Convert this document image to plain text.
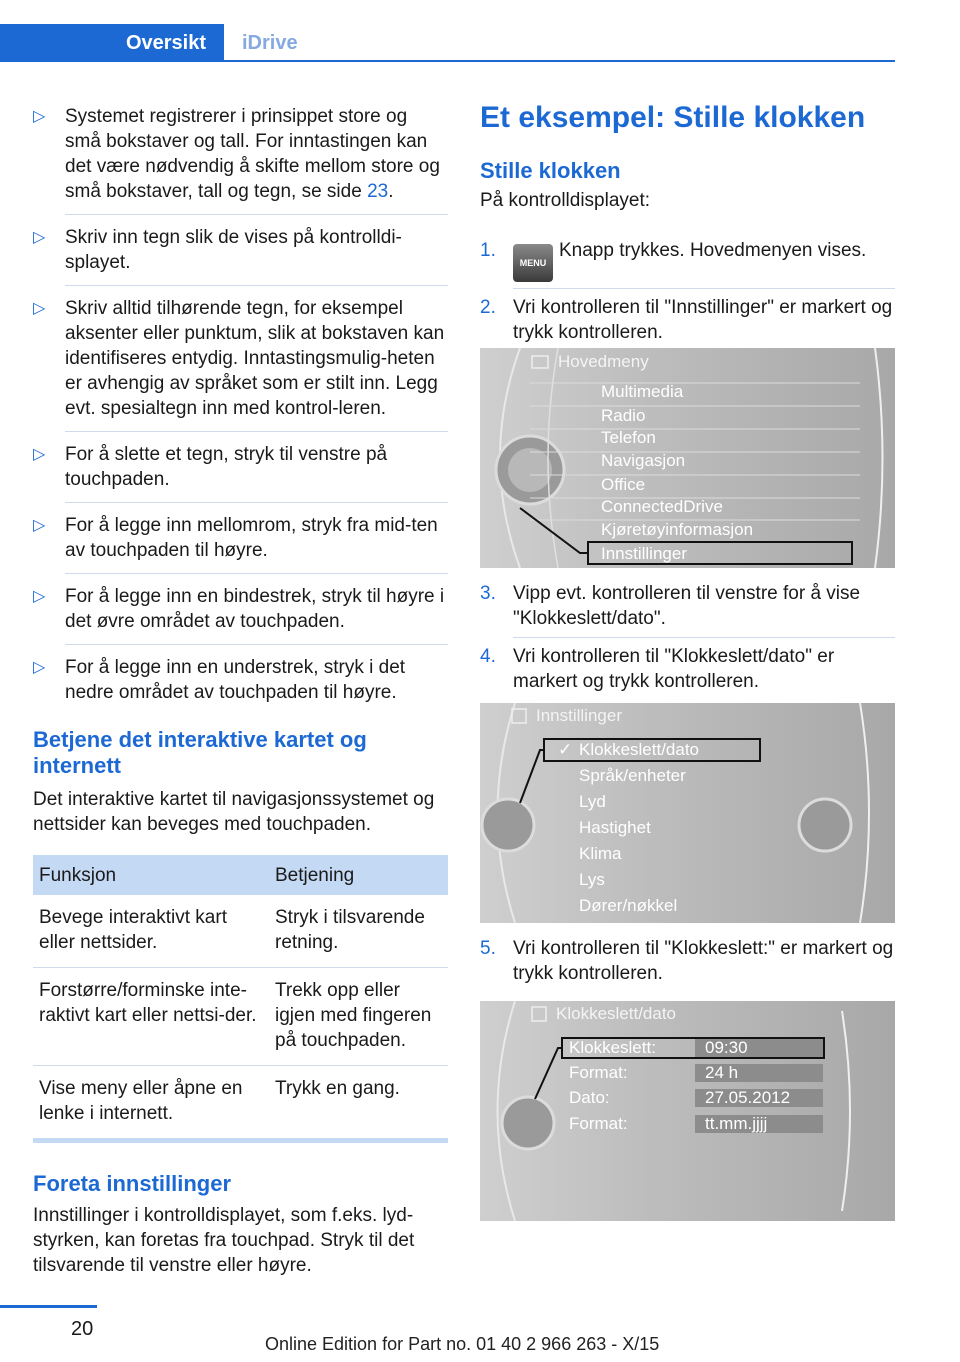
Oversikt	iDrive
▷ Systemet registrerer i prinsippet store og små bokstaver og tall. For inntastingen kan det være nødvendig å skifte mellom store og små bokstaver, tall og tegn, se side 23.
▷ Skriv inn tegn slik de vises på kontrolldi-splayet.
▷ Skriv alltid tilhørende tegn, for eksempel aksenter eller punktum, slik at bokstaven kan identifiseres entydig. Inntastingsmulig-heten er avhengig av språket som er stilt inn. Legg evt. spesialtegn inn med kontrol-leren.
▷ For å slette et tegn, stryk til venstre på touchpaden.
▷ For å legge inn mellomrom, stryk fra mid-ten av touchpaden til høyre.
▷ For å legge inn en bindestrek, stryk til høyre i det øvre området av touchpaden.
▷ For å legge inn en understrek, stryk i det nedre området av touchpaden til høyre.
Betjene det interaktive kartet og internett
Det interaktive kartet til navigasjonssystemet og nettsider kan beveges med touchpaden.
Funksjon	Betjening
Bevege interaktivt kart eller nettsider.	Stryk i tilsvarende retning.
Forstørre/forminske inte-raktivt kart eller nettsi-der.	Trekk opp eller igjen med fingeren på touchpaden.
Vise meny eller åpne en lenke i internett.	Trykk en gang.
Foreta innstillinger
Innstillinger i kontrolldisplayet, som f.eks. lyd-styrken, kan foretas fra touchpad. Stryk til det tilsvarende til venstre eller høyre.
Et eksempel: Stille klokken
Stille klokken
På kontrolldisplayet:
1.
MENUKnapp trykkes. Hovedmenyen vises.
2. Vri kontrolleren til "Innstillinger" er markert og trykk kontrolleren.
Hovedmeny
Multimedia
Radio
Telefon
Navigasjon
Office
ConnectedDrive
Kjøretøyinformasjon
Innstillinger
3. Vipp evt. kontrolleren til venstre for å vise "Klokkeslett/dato".
4. Vri kontrolleren til "Klokkeslett/dato" er markert og trykk kontrolleren.
Innstillinger
✓ Klokkeslett/dato
Språk/enheter
Lyd
Hastighet
Klima
Lys
Dører/nøkkel
5. Vri kontrolleren til "Klokkeslett:" er markert og trykk kontrolleren.
Klokkeslett/dato
Klokkeslett:	09:30
Format:	24 h
Dato:	27.05.2012
Format:	tt.mm.jjjj
20
Online Edition for Part no. 01 40 2 966 263 - X/15
